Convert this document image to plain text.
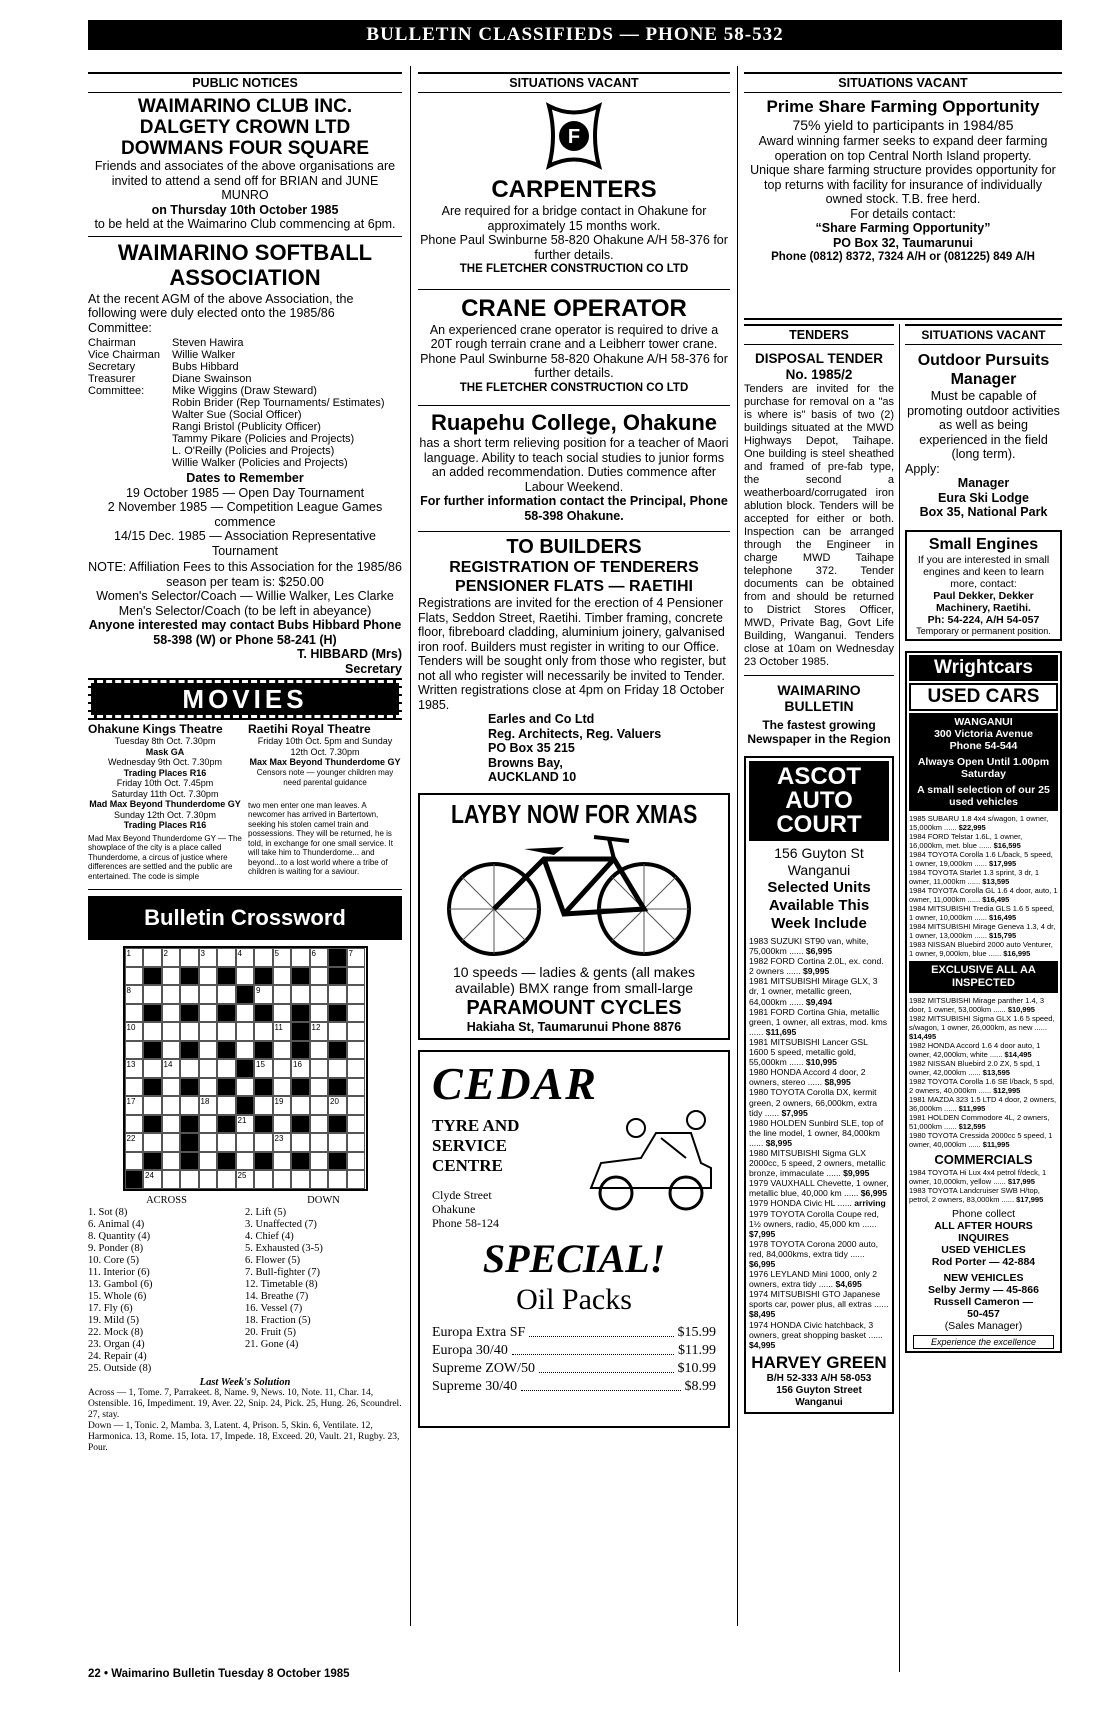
BULLETIN CLASSIFIEDS — PHONE 58-532
PUBLIC NOTICES
WAIMARINO CLUB INC.
DALGETY CROWN LTD
DOWMANS FOUR SQUARE
Friends and associates of the above organisations are invited to attend a send off for BRIAN and JUNE MUNRO
on Thursday 10th October 1985
to be held at the Waimarino Club commencing at 6pm.
WAIMARINO SOFTBALL ASSOCIATION
At the recent AGM of the above Association, the following were duly elected onto the 1985/86 Committee:
Chairman	Steven Hawira
Vice Chairman	Willie Walker
Secretary	Bubs Hibbard
Treasurer	Diane Swainson
Committee:	Mike Wiggins (Draw Steward)
Robin Brider (Rep Tournaments/ Estimates)
Walter Sue (Social Officer)
Rangi Bristol (Publicity Officer)
Tammy Pikare (Policies and Projects)
L. O'Reilly (Policies and Projects)
Willie Walker (Policies and Projects)
Dates to Remember
19 October 1985 — Open Day Tournament
2 November 1985 — Competition League Games commence
14/15 Dec. 1985 — Association Representative Tournament
NOTE: Affiliation Fees to this Association for the 1985/86 season per team is: $250.00
Women's Selector/Coach — Willie Walker, Les Clarke
Men's Selector/Coach (to be left in abeyance)
Anyone interested may contact Bubs Hibbard Phone 58-398 (W) or Phone 58-241 (H)
T. HIBBARD (Mrs)
Secretary
MOVIES
Ohakune Kings Theatre
Tuesday 8th Oct. 7.30pm
Mask GA
Wednesday 9th Oct. 7.30pm
Trading Places R16
Friday 10th Oct. 7.45pm
Saturday 11th Oct. 7.30pm
Mad Max Beyond Thunderdome GY
Sunday 12th Oct. 7.30pm
Trading Places R16
Mad Max Beyond Thunderdome GY — The showplace of the city is a place called Thunderdome, a circus of justice where differences are settled and the public are entertained. The code is simple
Raetihi Royal Theatre
Friday 10th Oct. 5pm and Sunday 12th Oct. 7.30pm
Max Max Beyond Thunderdome GY
Censors note — younger children may need parental guidance
two men enter one man leaves. A newcomer has arrived in Bartertown, seeking his stolen camel train and possessions. They will be returned, he is told, in exchange for one small service. It will take him to Thunderdome... and beyond...to a lost world where a tribe of children is waiting for a saviour.
Bulletin Crossword
1	2	3	4	5	6	7
8	9
10	11	12
13	14	15	16
17	18	19	20
21
22	23
24	25
ACROSS
1. Sot (8)
6. Animal (4)
8. Quantity (4)
9. Ponder (8)
10. Core (5)
11. Interior (6)
13. Gambol (6)
15. Whole (6)
17. Fly (6)
19. Mild (5)
22. Mock (8)
23. Organ (4)
24. Repair (4)
25. Outside (8)
DOWN
2. Lift (5)
3. Unaffected (7)
4. Chief (4)
5. Exhausted (3-5)
6. Flower (5)
7. Bull-fighter (7)
12. Timetable (8)
14. Breathe (7)
16. Vessel (7)
18. Fraction (5)
20. Fruit (5)
21. Gone (4)
Last Week's Solution
Across — 1, Tome. 7, Parrakeet. 8, Name. 9, News. 10, Note. 11, Char. 14, Ostensible. 16, Impediment. 19, Aver. 22, Snip. 24, Pick. 25, Hung. 26, Scoundrel. 27, stay.
Down — 1, Tonic. 2, Mamba. 3, Latent. 4, Prison. 5, Skin. 6, Ventilate. 12, Harmonica. 13, Rome. 15, Iota. 17, Impede. 18, Exceed. 20, Vault. 21, Rugby. 23, Pour.
SITUATIONS VACANT
F
CARPENTERS
Are required for a bridge contact in Ohakune for approximately 15 months work.
Phone Paul Swinburne 58-820 Ohakune A/H 58-376 for further details.
THE FLETCHER CONSTRUCTION CO LTD
CRANE OPERATOR
An experienced crane operator is required to drive a 20T rough terrain crane and a Leibherr tower crane.
Phone Paul Swinburne 58-820 Ohakune A/H 58-376 for further details.
THE FLETCHER CONSTRUCTION CO LTD
Ruapehu College, Ohakune
has a short term relieving position for a teacher of Maori language. Ability to teach social studies to junior forms an added recommendation. Duties commence after Labour Weekend.
For further information contact the Principal, Phone 58-398 Ohakune.
TO BUILDERS
REGISTRATION OF TENDERERS
PENSIONER FLATS — RAETIHI
Registrations are invited for the erection of 4 Pensioner Flats, Seddon Street, Raetihi. Timber framing, concrete floor, fibreboard cladding, aluminium joinery, galvanised iron roof. Builders must register in writing to our Office. Tenders will be sought only from those who register, but not all who register will necessarily be invited to Tender.
Written registrations close at 4pm on Friday 18 October 1985.
Earles and Co Ltd
Reg. Architects, Reg. Valuers
PO Box 35 215
Browns Bay,
AUCKLAND 10
LAYBY NOW FOR XMAS
10 speeds — ladies & gents (all makes available) BMX range from small-large
PARAMOUNT CYCLES
Hakiaha St, Taumarunui Phone 8876
CEDAR
TYRE AND
SERVICE
CENTRE
Clyde Street
Ohakune
Phone 58-124
SPECIAL!
Oil Packs
Europa Extra SF	$15.99
Europa 30/40	$11.99
Supreme ZOW/50	$10.99
Supreme 30/40	$8.99
SITUATIONS VACANT
Prime Share Farming Opportunity
75% yield to participants in 1984/85
Award winning farmer seeks to expand deer farming operation on top Central North Island property.
Unique share farming structure provides opportunity for top returns with facility for insurance of individually owned stock. T.B. free herd.
For details contact:
“Share Farming Opportunity”
PO Box 32, Taumarunui
Phone (0812) 8372, 7324 A/H or (081225) 849 A/H
TENDERS
DISPOSAL TENDER No. 1985/2
Tenders are invited for the purchase for removal on a "as is where is" basis of two (2) buildings situated at the MWD Highways Depot, Taihape. One building is steel sheathed and framed of pre-fab type, the second a weatherboard/corrugated iron ablution block. Tenders will be accepted for either or both. Inspection can be arranged through the Engineer in charge MWD Taihape telephone 372. Tender documents can be obtained from and should be returned to District Stores Officer, MWD, Private Bag, Govt Life Building, Wanganui. Tenders close at 10am on Wednesday 23 October 1985.
WAIMARINO
BULLETIN
The fastest growing Newspaper in the Region
ASCOT
AUTO
COURT
156 Guyton St
Wanganui
Selected Units Available This Week Include
1983 SUZUKI ST90 van, white, 75,000km ...... $6,995
1982 FORD Cortina 2.0L, ex. cond. 2 owners ...... $9,995
1981 MITSUBISHI Mirage GLX, 3 dr, 1 owner, metallic green, 64,000km ...... $9,494
1981 FORD Cortina Ghia, metallic green, 1 owner, all extras, mod. kms ...... $11,695
1981 MITSUBISHI Lancer GSL 1600 5 speed, metallic gold, 55,000km ...... $10,995
1980 HONDA Accord 4 door, 2 owners, stereo ...... $8,995
1980 TOYOTA Corolla DX, kermit green, 2 owners, 66,000km, extra tidy ...... $7,995
1980 HOLDEN Sunbird SLE, top of the line model, 1 owner, 84,000km ...... $8,995
1980 MITSUBISHI Sigma GLX 2000cc, 5 speed, 2 owners, metallic bronze, immaculate ...... $9,995
1979 VAUXHALL Chevette, 1 owner, metallic blue, 40,000 km ...... $6,995
1979 HONDA Civic HL ...... arriving
1979 TOYOTA Corolla Coupe red, 1½ owners, radio, 45,000 km ...... $7,995
1978 TOYOTA Corona 2000 auto, red, 84,000kms, extra tidy ...... $6,995
1976 LEYLAND Mini 1000, only 2 owners, extra tidy ...... $4,695
1974 MITSUBISHI GTO Japanese sports car, power plus, all extras ...... $8,495
1974 HONDA Civic hatchback, 3 owners, great shopping basket ...... $4,995
HARVEY GREEN
B/H 52-333 A/H 58-053
156 Guyton Street
Wanganui
SITUATIONS VACANT
Outdoor Pursuits Manager
Must be capable of promoting outdoor activities as well as being experienced in the field (long term).
Apply:
Manager
Eura Ski Lodge
Box 35, National Park
Small Engines
If you are interested in small engines and keen to learn more, contact:
Paul Dekker, Dekker Machinery, Raetihi.
Ph: 54-224, A/H 54-057
Temporary or permanent position.
Wrightcars
USED CARS
WANGANUI
300 Victoria Avenue
Phone 54-544
Always Open Until 1.00pm Saturday
A small selection of our 25 used vehicles
1985 SUBARU 1.8 4x4 s/wagon, 1 owner, 15,000km ...... $22,995
1984 FORD Telstar 1.6L, 1 owner, 16,000km, met. blue ...... $16,595
1984 TOYOTA Corolla 1.6 L/back, 5 speed, 1 owner, 19,000km ...... $17,995
1984 TOYOTA Starlet 1.3 sprint, 3 dr, 1 owner, 11,000km ...... $13,595
1984 TOYOTA Corolla GL 1.6 4 door, auto, 1 owner, 11,000km ...... $16,495
1984 MITSUBISHI Tredia GLS 1.6 5 speed, 1 owner, 10,000km ...... $16,495
1984 MITSUBISHI Mirage Geneva 1.3, 4 dr, 1 owner, 13,000km ...... $15,795
1983 NISSAN Bluebird 2000 auto Venturer, 1 owner, 9,000km, blue ...... $16,995
EXCLUSIVE ALL AA INSPECTED
1982 MITSUBISHI Mirage panther 1.4, 3 door, 1 owner, 53,000km ...... $10,995
1982 MITSUBISHI Sigma GLX 1.6 5 speed, s/wagon, 1 owner, 26,000km, as new ...... $14,495
1982 HONDA Accord 1.6 4 door auto, 1 owner, 42,000km, white ...... $14,495
1982 NISSAN Bluebird 2.0 ZX, 5 spd, 1 owner, 42,000km ...... $13,595
1982 TOYOTA Corolla 1.6 SE l/back, 5 spd, 2 owners, 40,000km ...... $12,995
1981 MAZDA 323 1.5 LTD 4 door, 2 owners, 36,000km ...... $11,995
1981 HOLDEN Commodore 4L, 2 owners, 51,000km ...... $12,595
1980 TOYOTA Cressida 2000cc 5 speed, 1 owner, 40,000km ...... $11,995
COMMERCIALS
1984 TOYOTA Hi Lux 4x4 petrol f/deck, 1 owner, 10,000km, yellow ...... $17,995
1983 TOYOTA Landcruiser SWB H/top, petrol, 2 owners, 83,000km ...... $17,995
Phone collect
ALL AFTER HOURS
INQUIRES
USED VEHICLES
Rod Porter — 42-884
NEW VEHICLES
Selby Jermy — 45-866
Russell Cameron —
50-457
(Sales Manager)
Experience the excellence
22 • Waimarino Bulletin Tuesday 8 October 1985
